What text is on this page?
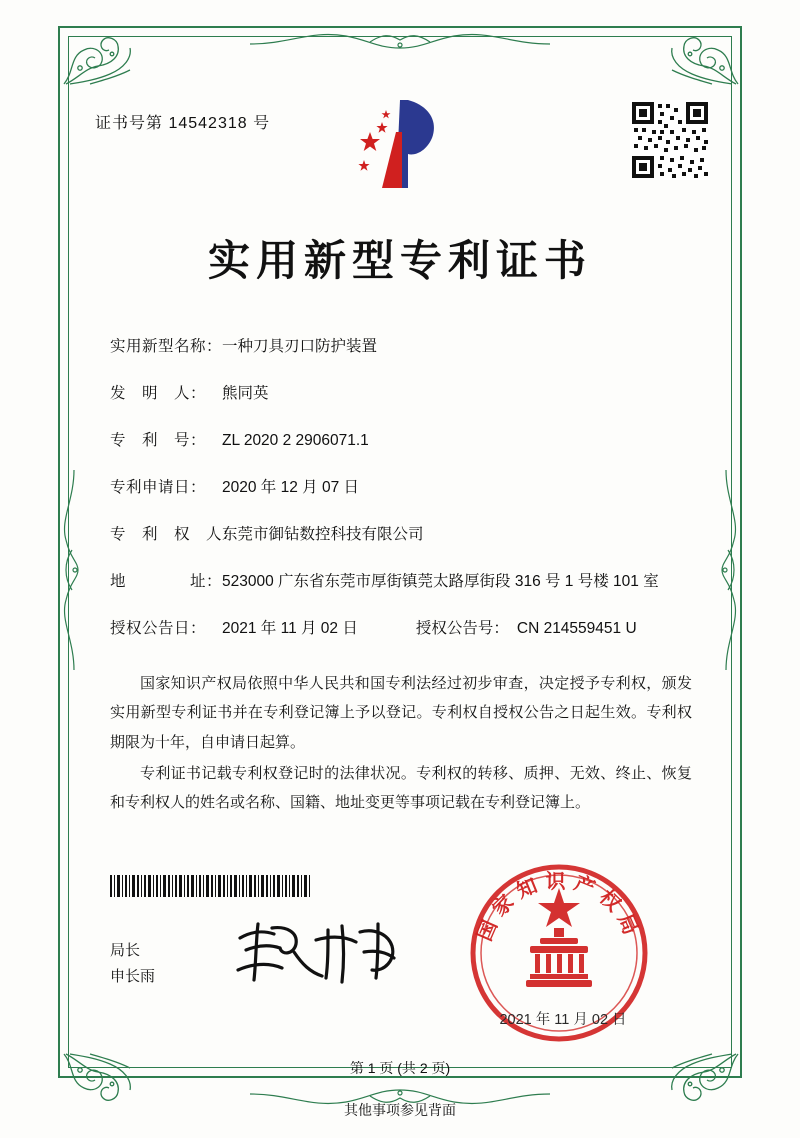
证书号第 14542318 号
实用新型专利证书
实用新型名称： 一种刀具刃口防护装置
发　明　人：	熊同英
专　利　号：	ZL 2020 2 2906071.1
专利申请日：	2020 年 12 月 07 日
专　利　权　人：
东莞市御钻数控科技有限公司
地　　　　址： 523000 广东省东莞市厚街镇莞太路厚街段 316 号 1 号楼 101 室
授权公告日：	2021 年 11 月 02 日	授权公告号： CN 214559451 U

国家知识产权局依照中华人民共和国专利法经过初步审查，决定授予专利权，颁发实用新型专利证书并在专利登记簿上予以登记。专利权自授权公告之日起生效。专利权期限为十年，自申请日起算。

专利证书记载专利权登记时的法律状况。专利权的转移、质押、无效、终止、恢复和专利权人的姓名或名称、国籍、地址变更等事项记载在专利登记簿上。

局长
申长雨
国家知识产权局
2021 年 11 月 02 日
第 1 页 (共 2 页)
其他事项参见背面
